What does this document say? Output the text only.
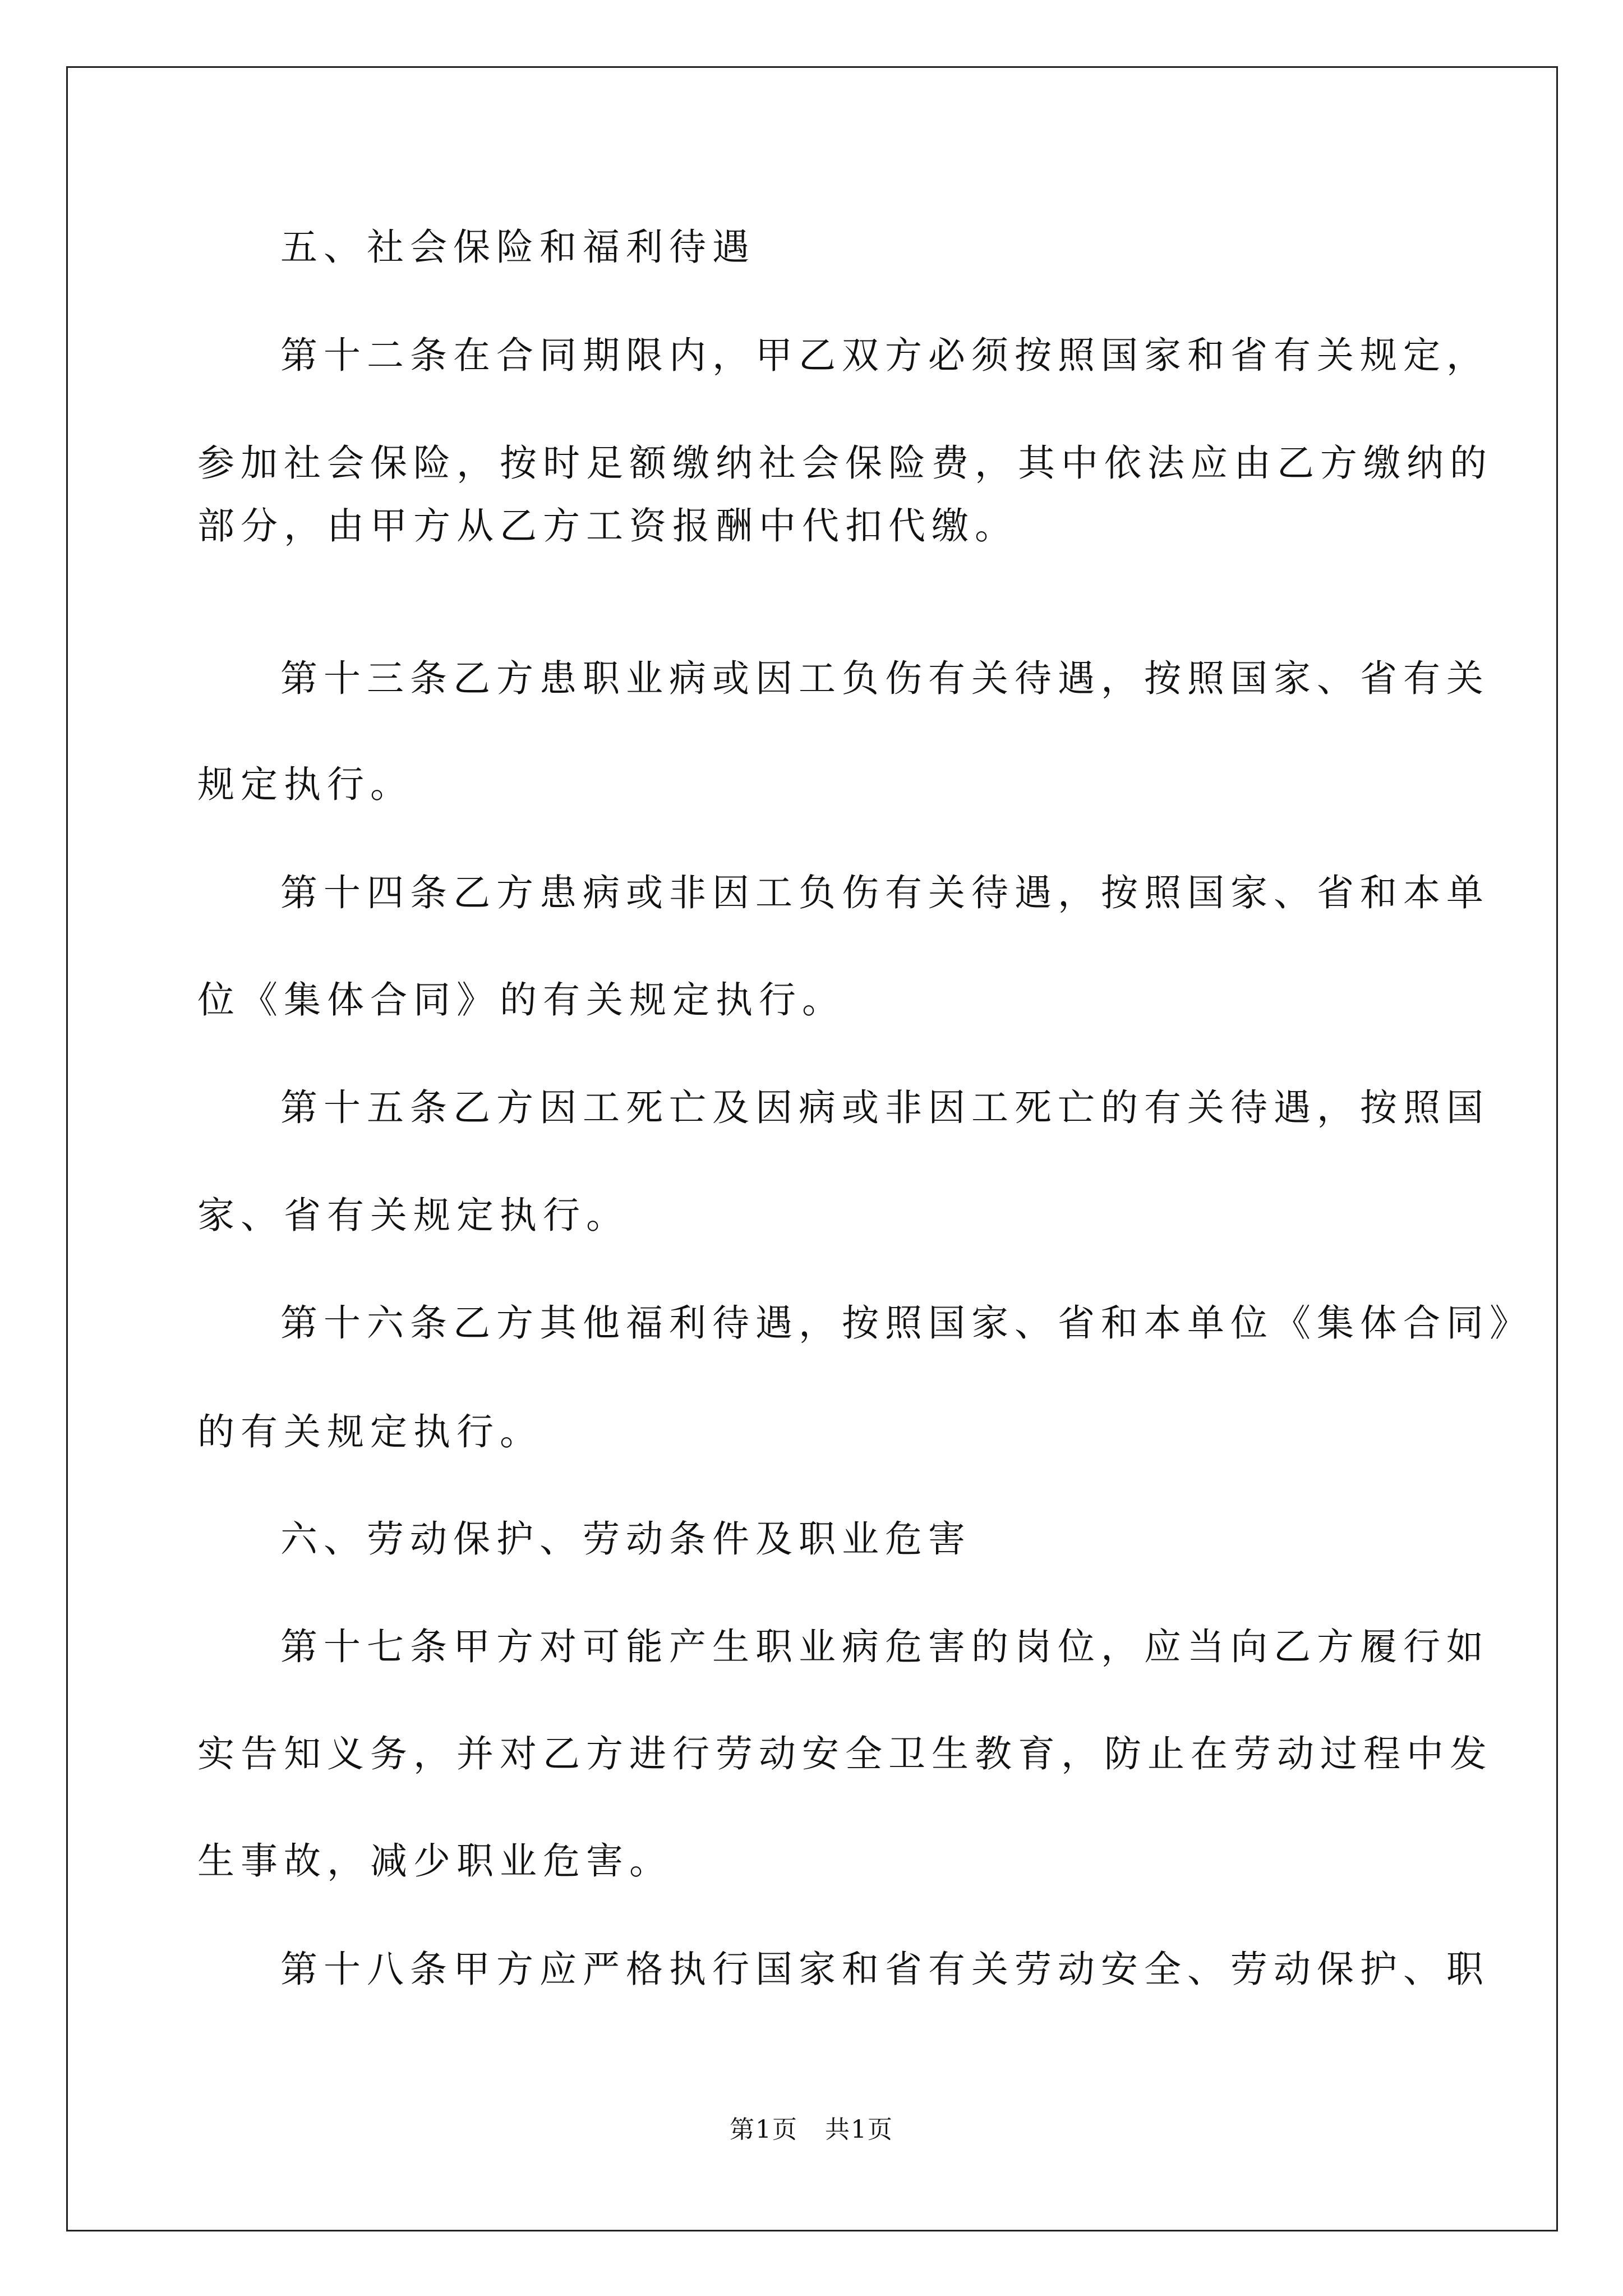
五、社会保险和福利待遇
第十二条在合同期限内，甲乙双方必须按照国家和省有关规定，
参加社会保险，按时足额缴纳社会保险费，其中依法应由乙方缴纳的
部分，由甲方从乙方工资报酬中代扣代缴。
第十三条乙方患职业病或因工负伤有关待遇，按照国家、省有关
规定执行。
第十四条乙方患病或非因工负伤有关待遇，按照国家、省和本单
位《集体合同》的有关规定执行。
第十五条乙方因工死亡及因病或非因工死亡的有关待遇，按照国
家、省有关规定执行。
第十六条乙方其他福利待遇，按照国家、省和本单位《集体合同》
的有关规定执行。
六、劳动保护、劳动条件及职业危害
第十七条甲方对可能产生职业病危害的岗位，应当向乙方履行如
实告知义务，并对乙方进行劳动安全卫生教育，防止在劳动过程中发
生事故，减少职业危害。
第十八条甲方应严格执行国家和省有关劳动安全、劳动保护、职
第1页   共1页
